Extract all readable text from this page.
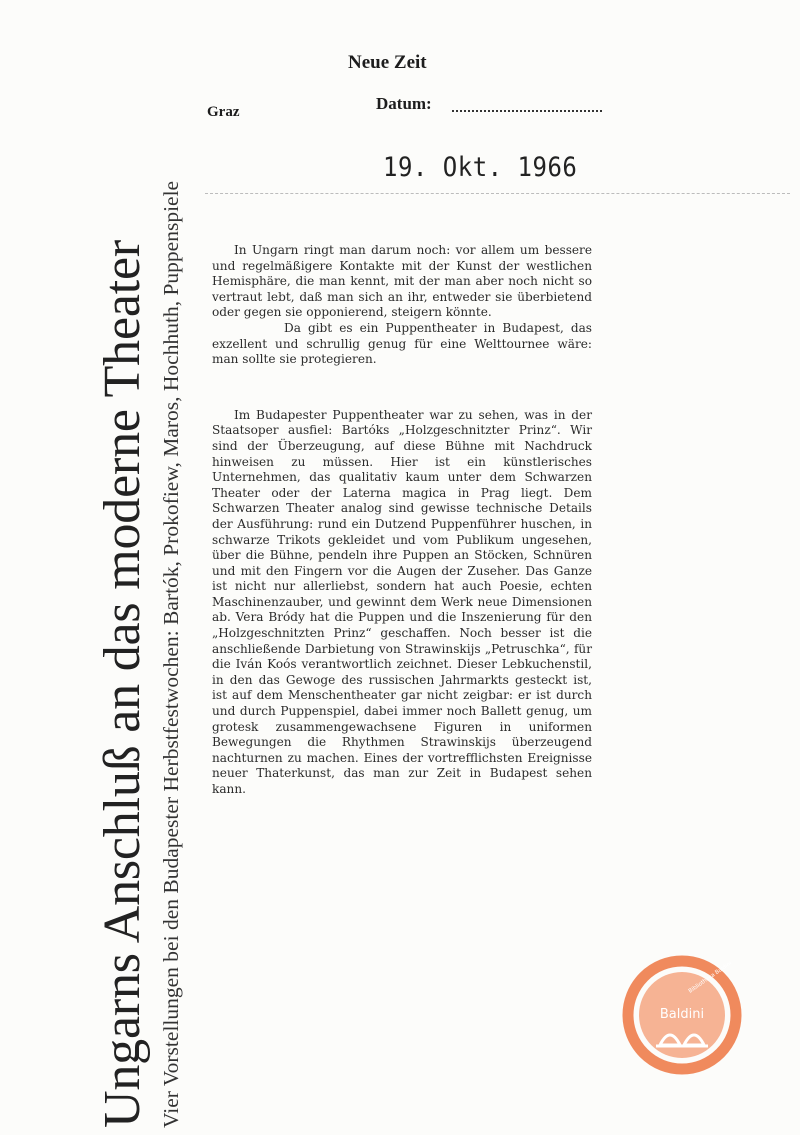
Ungarns Anschluß an das moderne Theater Vier Vorstellungen bei den Budapester Herbstfestwochen: Bartók, Prokofiew, Maros, Hochhuth, Puppenspiele
Neue Zeit
Graz	Datum:
19. Okt. 1966

In Ungarn ringt man darum noch: vor allem um bessere und regelmäßigere Kontakte mit der Kunst der westlichen Hemisphäre, die man kennt, mit der man aber noch nicht so vertraut lebt, daß man sich an ihr, entweder sie überbietend oder gegen sie opponierend, steigern könnte.

Da gibt es ein Puppentheater in Budapest, das exzellent und schrullig genug für eine Welttournee wäre: man sollte sie protegieren.

Im Budapester Puppentheater war zu sehen, was in der Staatsoper ausfiel: Bartóks „Holzgeschnitzter Prinz“. Wir sind der Überzeugung, auf diese Bühne mit Nachdruck hinweisen zu müssen. Hier ist ein künstlerisches Unternehmen, das qualitativ kaum unter dem Schwarzen Theater oder der Laterna magica in Prag liegt. Dem Schwarzen Theater analog sind gewisse technische Details der Ausführung: rund ein Dutzend Puppenführer huschen, in schwarze Trikots gekleidet und vom Publikum ungesehen, über die Bühne, pendeln ihre Puppen an Stöcken, Schnüren und mit den Fingern vor die Augen der Zuseher. Das Ganze ist nicht nur allerliebst, sondern hat auch Poesie, echten Maschinenzauber, und gewinnt dem Werk neue Dimensionen ab. Vera Bródy hat die Puppen und die Inszenierung für den „Holzgeschnitzten Prinz“ geschaffen. Noch besser ist die anschließende Darbietung von Strawinskijs „Petruschka“, für die Iván Koós verantwortlich zeichnet. Dieser Lebkuchenstil, in den das Gewoge des russischen Jahrmarkts gesteckt ist, ist auf dem Menschentheater gar nicht zeigbar: er ist durch und durch Puppenspiel, dabei immer noch Ballett genug, um grotesk zusammengewachsene Figuren in uniformen Bewegungen die Rhythmen Strawinskijs überzeugend nachturnen zu machen. Eines der vortrefflichsten Ereignisse neuer Thaterkunst, das man zur Zeit in Budapest sehen kann.

Bibliotheca Baldini
Baldini
